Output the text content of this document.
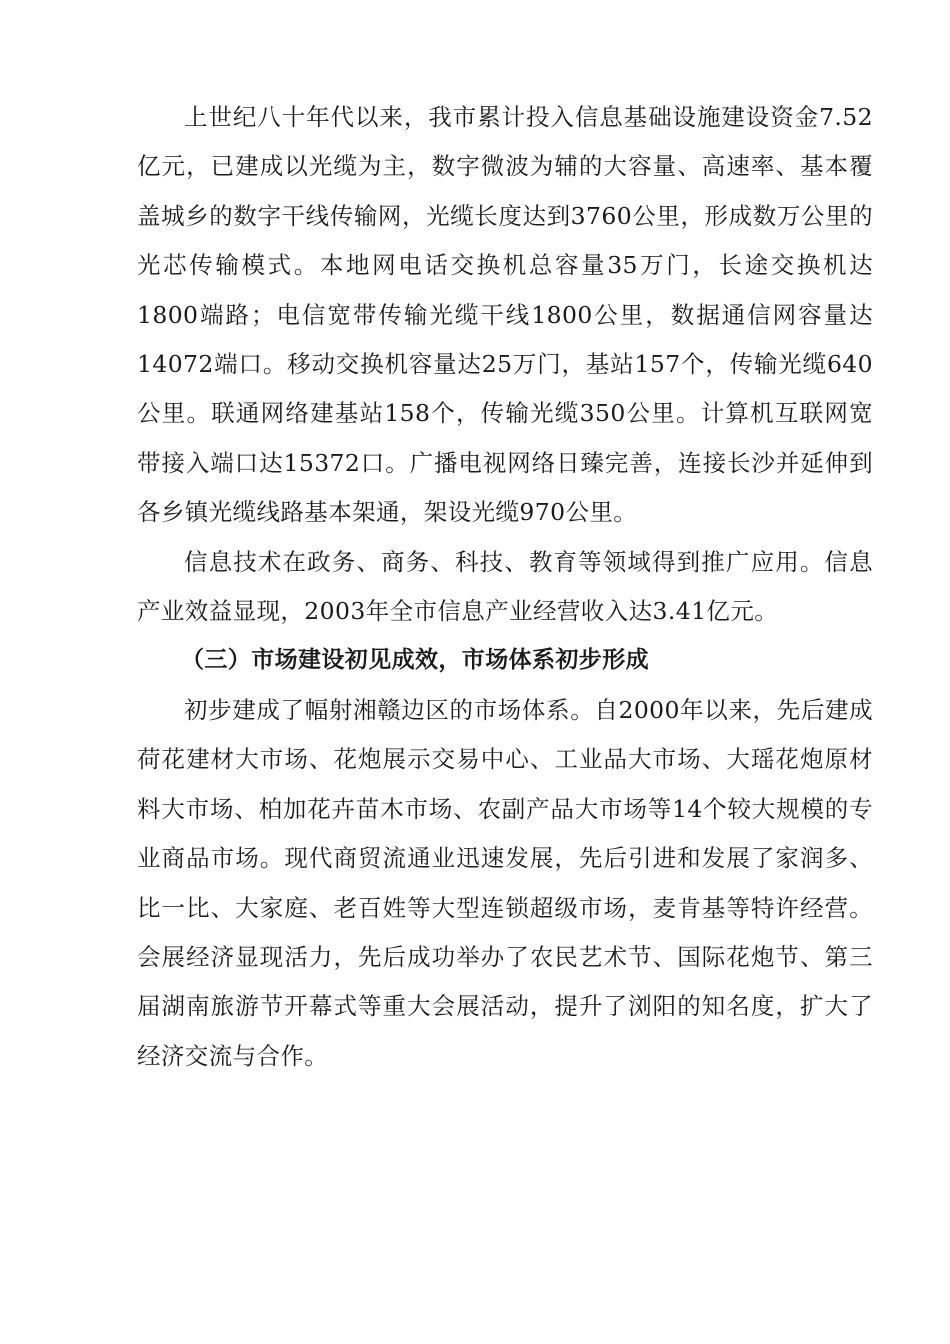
上世纪八十年代以来，我市累计投入信息基础设施建设资金7.52亿元，已建成以光缆为主，数字微波为辅的大容量、高速率、基本覆盖城乡的数字干线传输网，光缆长度达到3760公里，形成数万公里的光芯传输模式。本地网电话交换机总容量35万门，长途交换机达1800端路；电信宽带传输光缆干线1800公里，数据通信网容量达14072端口。移动交换机容量达25万门，基站157个，传输光缆640公里。联通网络建基站158个，传输光缆350公里。计算机互联网宽带接入端口达15372口。广播电视网络日臻完善，连接长沙并延伸到各乡镇光缆线路基本架通，架设光缆970公里。

信息技术在政务、商务、科技、教育等领域得到推广应用。信息产业效益显现，2003年全市信息产业经营收入达3.41亿元。

（三）市场建设初见成效，市场体系初步形成

初步建成了幅射湘赣边区的市场体系。自2000年以来，先后建成荷花建材大市场、花炮展示交易中心、工业品大市场、大瑶花炮原材料大市场、柏加花卉苗木市场、农副产品大市场等14个较大规模的专业商品市场。现代商贸流通业迅速发展，先后引进和发展了家润多、比一比、大家庭、老百姓等大型连锁超级市场，麦肯基等特许经营。会展经济显现活力，先后成功举办了农民艺术节、国际花炮节、第三届湖南旅游节开幕式等重大会展活动，提升了浏阳的知名度，扩大了经济交流与合作。
